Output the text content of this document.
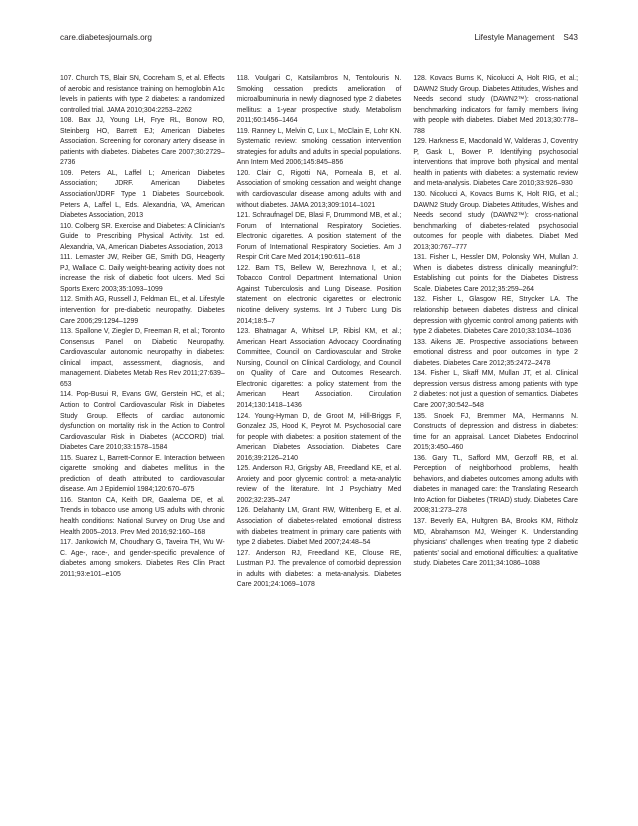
care.diabetesjournals.org	Lifestyle Management S43

107. Church TS, Blair SN, Cocreham S, et al. Effects of aerobic and resistance training on hemoglobin A1c levels in patients with type 2 diabetes: a randomized controlled trial. JAMA 2010;304:2253–2262

108. Bax JJ, Young LH, Frye RL, Bonow RO, Steinberg HO, Barrett EJ; American Diabetes Association. Screening for coronary artery disease in patients with diabetes. Diabetes Care 2007;30:2729–2736

109. Peters AL, Laffel L; American Diabetes Association; JDRF. American Diabetes Association/JDRF Type 1 Diabetes Sourcebook. Peters A, Laffel L, Eds. Alexandria, VA, American Diabetes Association, 2013

110. Colberg SR. Exercise and Diabetes: A Clinician's Guide to Prescribing Physical Activity. 1st ed. Alexandria, VA, American Diabetes Association, 2013

111. Lemaster JW, Reiber GE, Smith DG, Heagerty PJ, Wallace C. Daily weight-bearing activity does not increase the risk of diabetic foot ulcers. Med Sci Sports Exerc 2003;35:1093–1099

112. Smith AG, Russell J, Feldman EL, et al. Lifestyle intervention for pre-diabetic neuropathy. Diabetes Care 2006;29:1294–1299

113. Spallone V, Ziegler D, Freeman R, et al.; Toronto Consensus Panel on Diabetic Neuropathy. Cardiovascular autonomic neuropathy in diabetes: clinical impact, assessment, diagnosis, and management. Diabetes Metab Res Rev 2011;27:639–653

114. Pop-Busui R, Evans GW, Gerstein HC, et al.; Action to Control Cardiovascular Risk in Diabetes Study Group. Effects of cardiac autonomic dysfunction on mortality risk in the Action to Control Cardiovascular Risk in Diabetes (ACCORD) trial. Diabetes Care 2010;33:1578–1584

115. Suarez L, Barrett-Connor E. Interaction between cigarette smoking and diabetes mellitus in the prediction of death attributed to cardiovascular disease. Am J Epidemiol 1984;120:670–675

116. Stanton CA, Keith DR, Gaalema DE, et al. Trends in tobacco use among US adults with chronic health conditions: National Survey on Drug Use and Health 2005–2013. Prev Med 2016;92:160–168

117. Jankowich M, Choudhary G, Taveira TH, Wu W-C. Age-, race-, and gender-specific prevalence of diabetes among smokers. Diabetes Res Clin Pract 2011;93:e101–e105

118. Voulgari C, Katsilambros N, Tentolouris N. Smoking cessation predicts amelioration of microalbuminuria in newly diagnosed type 2 diabetes mellitus: a 1-year prospective study. Metabolism 2011;60:1456–1464

119. Ranney L, Melvin C, Lux L, McClain E, Lohr KN. Systematic review: smoking cessation intervention strategies for adults and adults in special populations. Ann Intern Med 2006;145:845–856

120. Clair C, Rigotti NA, Porneala B, et al. Association of smoking cessation and weight change with cardiovascular disease among adults with and without diabetes. JAMA 2013;309:1014–1021

121. Schraufnagel DE, Blasi F, Drummond MB, et al.; Forum of International Respiratory Societies. Electronic cigarettes. A position statement of the Forum of International Respiratory Societies. Am J Respir Crit Care Med 2014;190:611–618

122. Bam TS, Bellew W, Berezhnova I, et al.; Tobacco Control Department International Union Against Tuberculosis and Lung Disease. Position statement on electronic cigarettes or electronic nicotine delivery systems. Int J Tuberc Lung Dis 2014;18:5–7

123. Bhatnagar A, Whitsel LP, Ribisl KM, et al.; American Heart Association Advocacy Coordinating Committee, Council on Cardiovascular and Stroke Nursing, Council on Clinical Cardiology, and Council on Quality of Care and Outcomes Research. Electronic cigarettes: a policy statement from the American Heart Association. Circulation 2014;130:1418–1436

124. Young-Hyman D, de Groot M, Hill-Briggs F, Gonzalez JS, Hood K, Peyrot M. Psychosocial care for people with diabetes: a position statement of the American Diabetes Association. Diabetes Care 2016;39:2126–2140

125. Anderson RJ, Grigsby AB, Freedland KE, et al. Anxiety and poor glycemic control: a meta-analytic review of the literature. Int J Psychiatry Med 2002;32:235–247

126. Delahanty LM, Grant RW, Wittenberg E, et al. Association of diabetes-related emotional distress with diabetes treatment in primary care patients with type 2 diabetes. Diabet Med 2007;24:48–54

127. Anderson RJ, Freedland KE, Clouse RE, Lustman PJ. The prevalence of comorbid depression in adults with diabetes: a meta-analysis. Diabetes Care 2001;24:1069–1078

128. Kovacs Burns K, Nicolucci A, Holt RIG, et al.; DAWN2 Study Group. Diabetes Attitudes, Wishes and Needs second study (DAWN2™): cross-national benchmarking indicators for family members living with people with diabetes. Diabet Med 2013;30:778–788

129. Harkness E, Macdonald W, Valderas J, Coventry P, Gask L, Bower P. Identifying psychosocial interventions that improve both physical and mental health in patients with diabetes: a systematic review and meta-analysis. Diabetes Care 2010;33:926–930

130. Nicolucci A, Kovacs Burns K, Holt RIG, et al.; DAWN2 Study Group. Diabetes Attitudes, Wishes and Needs second study (DAWN2™): cross-national benchmarking of diabetes-related psychosocial outcomes for people with diabetes. Diabet Med 2013;30:767–777

131. Fisher L, Hessler DM, Polonsky WH, Mullan J. When is diabetes distress clinically meaningful?: Establishing cut points for the Diabetes Distress Scale. Diabetes Care 2012;35:259–264

132. Fisher L, Glasgow RE, Strycker LA. The relationship between diabetes distress and clinical depression with glycemic control among patients with type 2 diabetes. Diabetes Care 2010;33:1034–1036

133. Aikens JE. Prospective associations between emotional distress and poor outcomes in type 2 diabetes. Diabetes Care 2012;35:2472–2478

134. Fisher L, Skaff MM, Mullan JT, et al. Clinical depression versus distress among patients with type 2 diabetes: not just a question of semantics. Diabetes Care 2007;30:542–548

135. Snoek FJ, Bremmer MA, Hermanns N. Constructs of depression and distress in diabetes: time for an appraisal. Lancet Diabetes Endocrinol 2015;3:450–460

136. Gary TL, Safford MM, Gerzoff RB, et al. Perception of neighborhood problems, health behaviors, and diabetes outcomes among adults with diabetes in managed care: the Translating Research Into Action for Diabetes (TRIAD) study. Diabetes Care 2008;31:273–278

137. Beverly EA, Hultgren BA, Brooks KM, Ritholz MD, Abrahamson MJ, Weinger K. Understanding physicians' challenges when treating type 2 diabetic patients' social and emotional difficulties: a qualitative study. Diabetes Care 2011;34:1086–1088
